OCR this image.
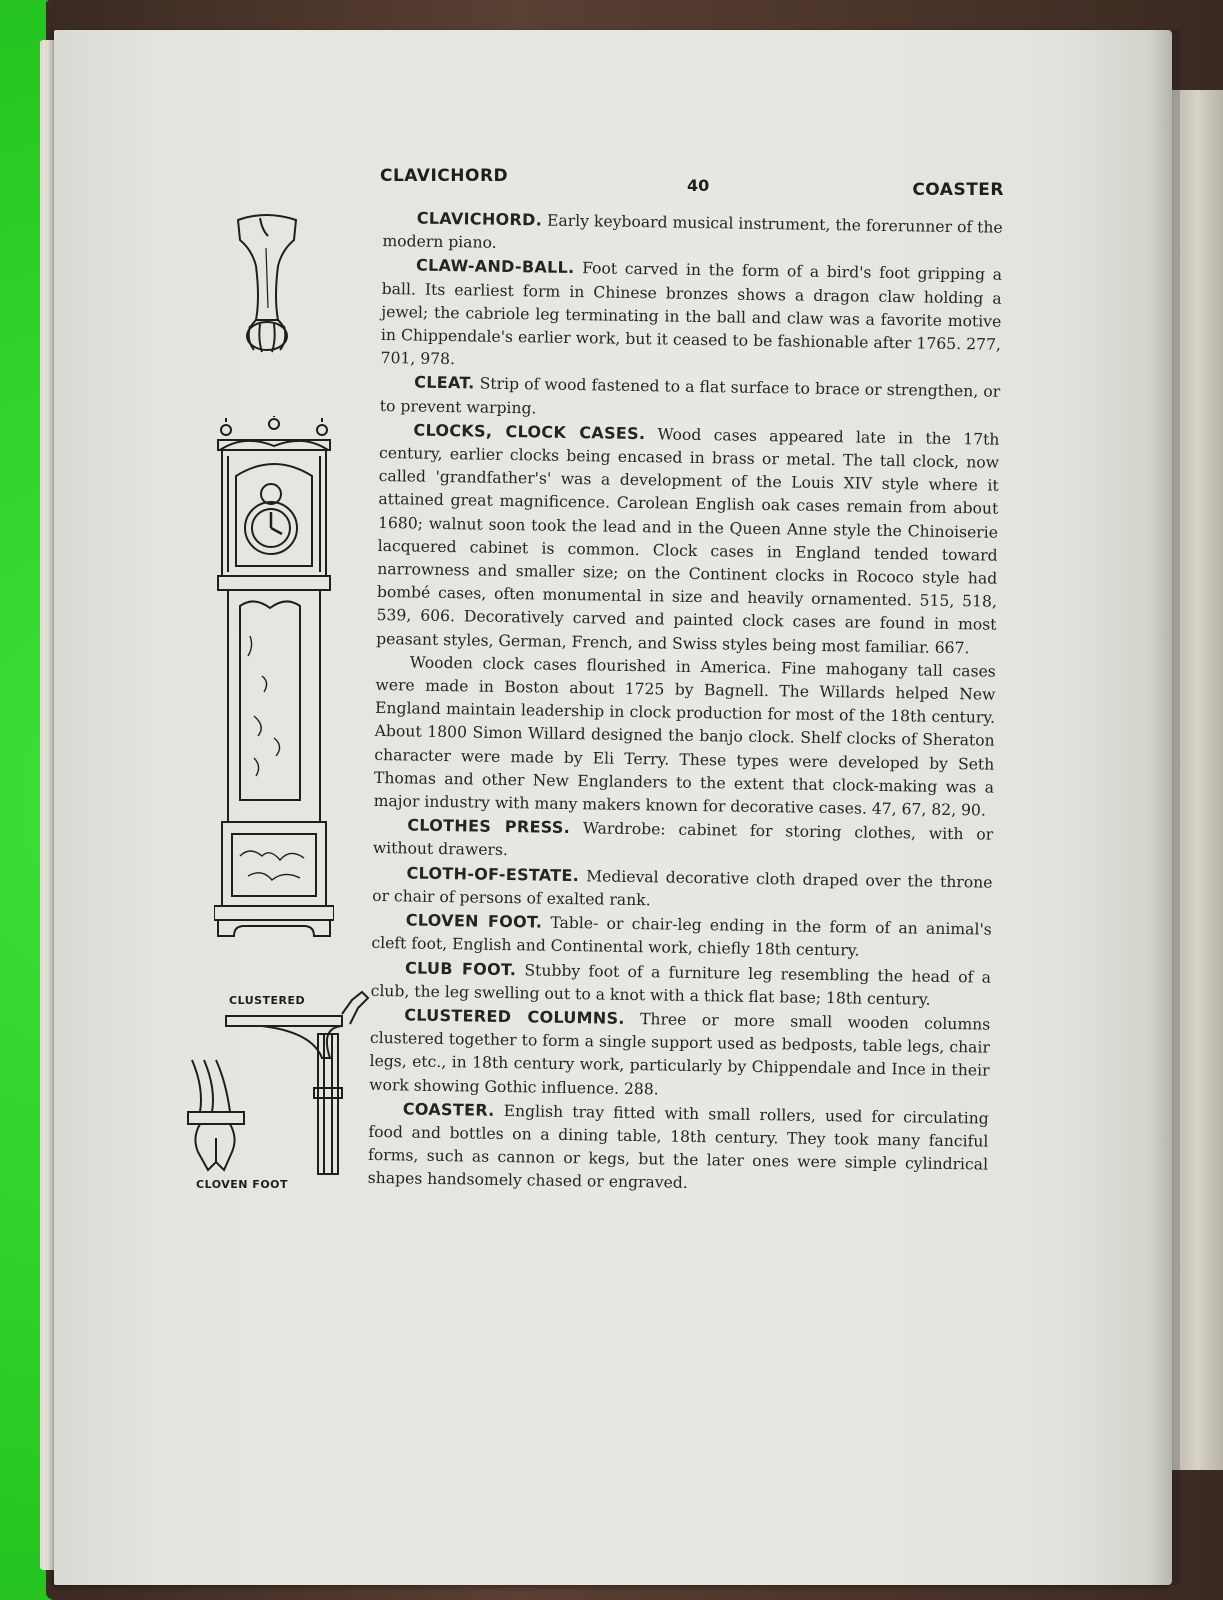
CLAVICHORD	40	COASTER
CLUSTERED
CLOVEN FOOT

CLAVICHORD. Early keyboard musical instrument, the forerunner of the modern piano.

CLAW-AND-BALL. Foot carved in the form of a bird's foot gripping a ball. Its earliest form in Chinese bronzes shows a dragon claw holding a jewel; the cabriole leg terminating in the ball and claw was a favorite motive in Chippendale's earlier work, but it ceased to be fashionable after 1765. 277, 701, 978.

CLEAT. Strip of wood fastened to a flat surface to brace or strengthen, or to prevent warping.

CLOCKS, CLOCK CASES. Wood cases appeared late in the 17th century, earlier clocks being encased in brass or metal. The tall clock, now called 'grandfather's' was a development of the Louis XIV style where it attained great magnificence. Carolean English oak cases remain from about 1680; walnut soon took the lead and in the Queen Anne style the Chinoiserie lacquered cabinet is common. Clock cases in England tended toward narrowness and smaller size; on the Continent clocks in Rococo style had bombé cases, often monumental in size and heavily ornamented. 515, 518, 539, 606. Decoratively carved and painted clock cases are found in most peasant styles, German, French, and Swiss styles being most familiar. 667.

Wooden clock cases flourished in America. Fine mahogany tall cases were made in Boston about 1725 by Bagnell. The Willards helped New England maintain leadership in clock production for most of the 18th century. About 1800 Simon Willard designed the banjo clock. Shelf clocks of Sheraton character were made by Eli Terry. These types were developed by Seth Thomas and other New Englanders to the extent that clock-making was a major industry with many makers known for decorative cases. 47, 67, 82, 90.

CLOTHES PRESS. Wardrobe: cabinet for storing clothes, with or without drawers.

CLOTH-OF-ESTATE. Medieval decorative cloth draped over the throne or chair of persons of exalted rank.

CLOVEN FOOT. Table- or chair-leg ending in the form of an animal's cleft foot, English and Continental work, chiefly 18th century.

CLUB FOOT. Stubby foot of a furniture leg resembling the head of a club, the leg swelling out to a knot with a thick flat base; 18th century.

CLUSTERED COLUMNS. Three or more small wooden columns clustered together to form a single support used as bedposts, table legs, chair legs, etc., in 18th century work, particularly by Chippendale and Ince in their work showing Gothic influence. 288.

COASTER. English tray fitted with small rollers, used for circulating food and bottles on a dining table, 18th century. They took many fanciful forms, such as cannon or kegs, but the later ones were simple cylindrical shapes handsomely chased or engraved.
